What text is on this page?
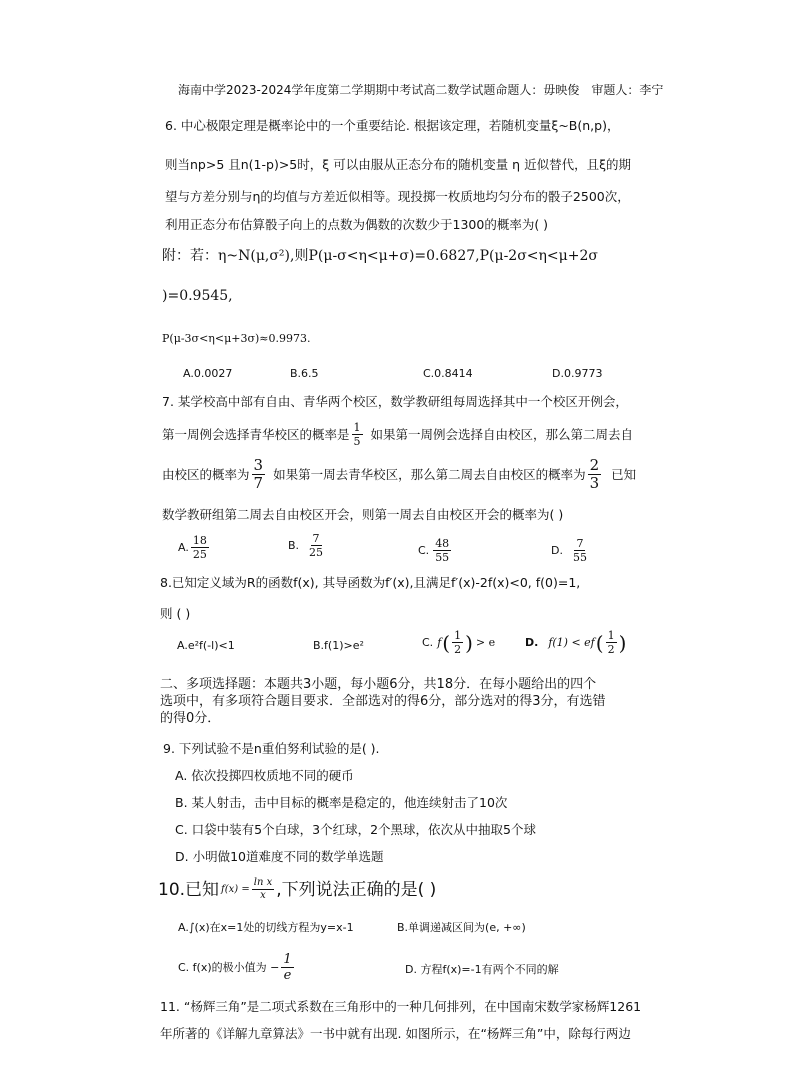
海南中学2023-2024学年度第二学期期中考试高二数学试题命题人：毋映俊　审题人：李宁
6. 中心极限定理是概率论中的一个重要结论. 根据该定理，若随机变量ξ~B(n,p)，
则当np>5 且n(1-p)>5时，ξ 可以由服从正态分布的随机变量 η 近似替代，且ξ的期
望与方差分别与η的均值与方差近似相等。现投掷一枚质地均匀分布的骰子2500次，
利用正态分布估算骰子向上的点数为偶数的次数少于1300的概率为( )
附：若：η~N(μ,σ²),则P(μ-σ<η<μ+σ)=0.6827,P(μ-2σ<η<μ+2σ
)=0.9545,
P(μ-3σ<η<μ+3σ)≈0.9973.
A.0.0027	B.6.5	C.0.8414	D.0.9773
7. 某学校高中部有自由、青华两个校区，数学教研组每周选择其中一个校区开例会，
第一周例会选择青华校区的概率是 $\frac{1}{5}$ 如果第一周例会选择自由校区，那么第二周去自
由校区的概率为 $\frac{3}{7}$ 如果第一周去青华校区，那么第二周去自由校区的概率为 $\frac{2}{3}$ 已知
数学教研组第二周去自由校区开会，则第一周去自由校区开会的概率为( )
A. $\frac{18}{25}$	B. $\frac{7}{25}$	C. $\frac{48}{55}$	D. $\frac{7}{55}$
8.已知定义域为R的函数f(x), 其导函数为f′(x),且满足f′(x)-2f(x)<0, f(0)=1,
则 ( )
A.e²f(-l)<1	B.f(1)>e²	C. f ( $\frac{1}{2}$ ) > e	D. f(1) < ef ( $\frac{1}{2}$ )
二、多项选择题：本题共3小题，每小题6分，共18分．在每小题给出的四个
选项中，有多项符合题目要求．全部选对的得6分，部分选对的得3分，有选错
的得0分．
9. 下列试验不是n重伯努利试验的是( ).
A. 依次投掷四枚质地不同的硬币
B. 某人射击，击中目标的概率是稳定的，他连续射击了10次
C. 口袋中装有5个白球，3个红球，2个黑球，依次从中抽取5个球
D. 小明做10道难度不同的数学单选题
10.已知 $f(x) = \frac{\text{ln x}}{x}$ ,下列说法正确的是( )
A.∫(x)在x=1处的切线方程为y=x-1	B.单调递减区间为(e, +∞)
C. f(x)的极小值为 − $\frac{1}{e}$	D. 方程f(x)=-1有两个不同的解
11. “杨辉三角”是二项式系数在三角形中的一种几何排列，在中国南宋数学家杨辉1261
年所著的《详解九章算法》一书中就有出现. 如图所示，在“杨辉三角”中，除每行两边
